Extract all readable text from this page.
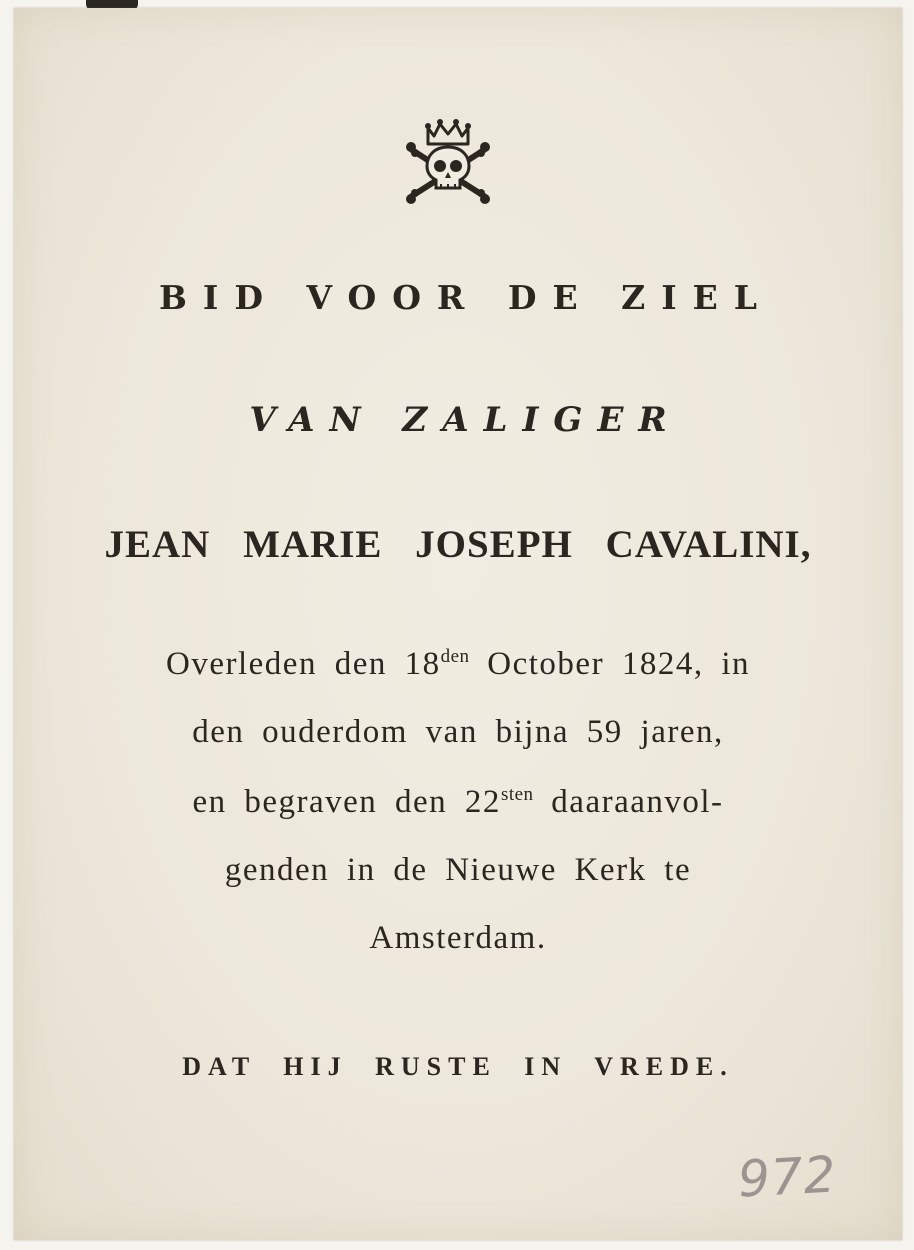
BID VOOR DE ZIEL
VAN ZALIGER
JEAN MARIE JOSEPH CAVALINI,
Overleden den $18^{den}$ October 1824, in
den ouderdom van bijna 59 jaren,
en begraven den $22^{sten}$ daaraanvol-
genden in de Nieuwe Kerk te
Amsterdam.
DAT HIJ RUSTE IN VREDE.
972
